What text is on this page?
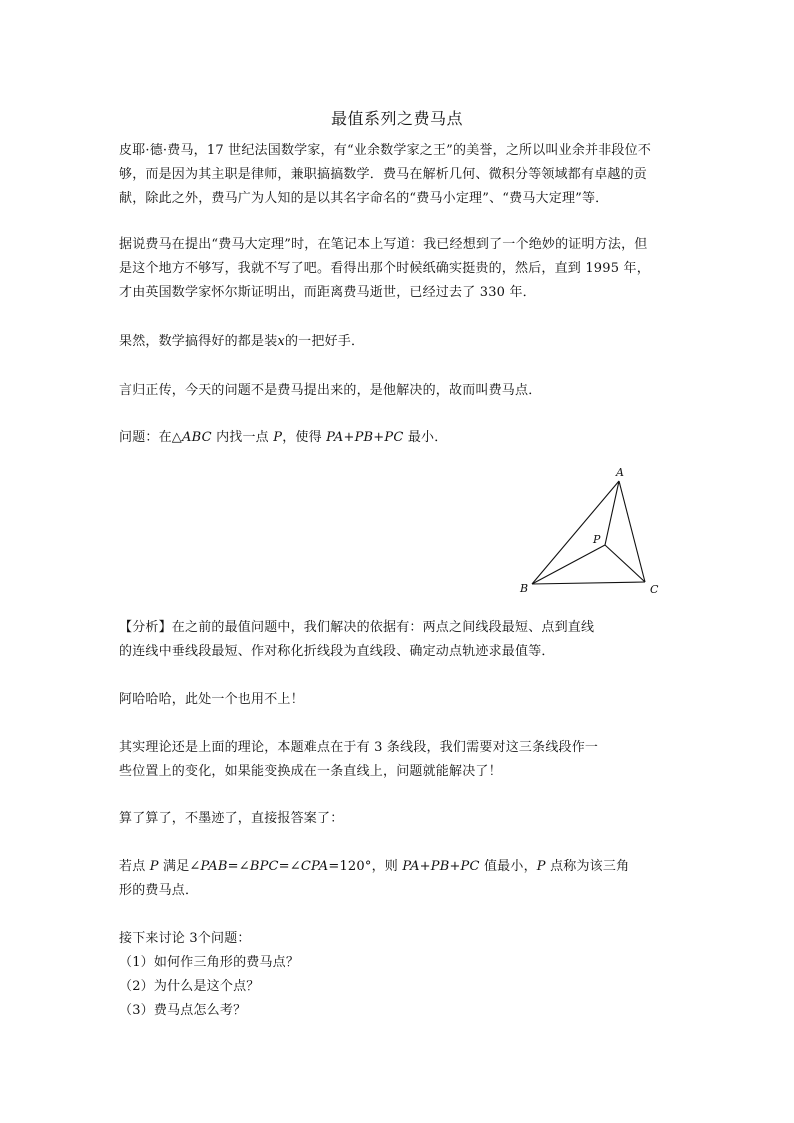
最值系列之费马点
皮耶·德·费马，17 世纪法国数学家，有“业余数学家之王”的美誉，之所以叫业余并非段位不
够，而是因为其主职是律师，兼职搞搞数学．费马在解析几何、微积分等领域都有卓越的贡
献，除此之外，费马广为人知的是以其名字命名的“费马小定理”、“费马大定理”等．
据说费马在提出“费马大定理”时，在笔记本上写道：我已经想到了一个绝妙的证明方法，但
是这个地方不够写，我就不写了吧。看得出那个时候纸确实挺贵的，然后，直到 1995 年，
才由英国数学家怀尔斯证明出，而距离费马逝世，已经过去了 330 年．
果然，数学搞得好的都是装x的一把好手．
言归正传，今天的问题不是费马提出来的，是他解决的，故而叫费马点．
问题：在△ABC 内找一点 P，使得 PA+PB+PC 最小．
A
B	C
P
【分析】在之前的最值问题中，我们解决的依据有：两点之间线段最短、点到直线
的连线中垂线段最短、作对称化折线段为直线段、确定动点轨迹求最值等．
阿哈哈哈，此处一个也用不上！
其实理论还是上面的理论，本题难点在于有 3 条线段，我们需要对这三条线段作一
些位置上的变化，如果能变换成在一条直线上，问题就能解决了！
算了算了，不墨迹了，直接报答案了：
若点 P 满足∠PAB=∠BPC=∠CPA=120°，则 PA+PB+PC 值最小，P 点称为该三角
形的费马点．
接下来讨论 3个问题：
（1）如何作三角形的费马点？
（2）为什么是这个点？
（3）费马点怎么考？
